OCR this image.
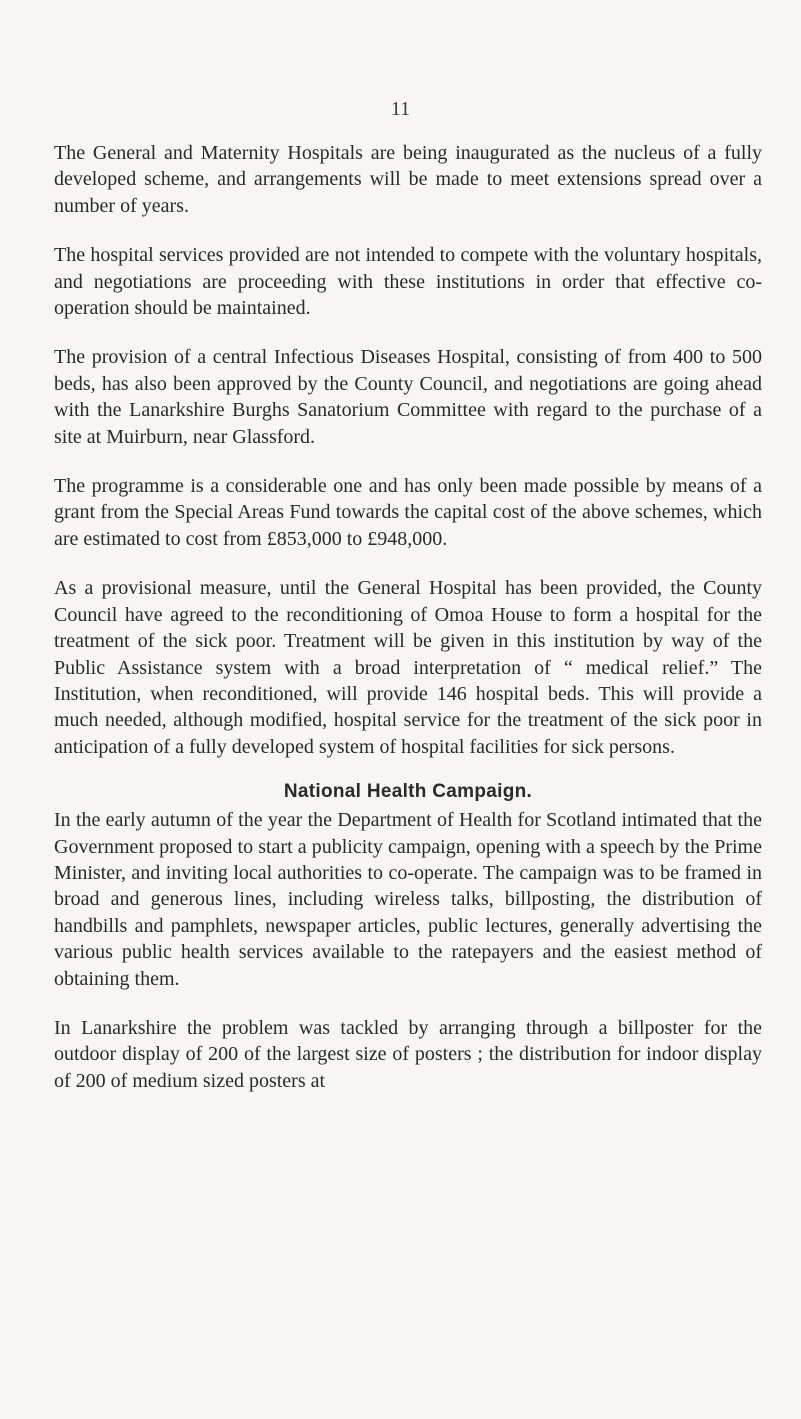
11

The General and Maternity Hospitals are being inaugurated as the nucleus of a fully developed scheme, and arrangements will be made to meet extensions spread over a number of years.

The hospital services provided are not intended to compete with the voluntary hospitals, and negotiations are proceeding with these institutions in order that effective co-operation should be maintained.

The provision of a central Infectious Diseases Hospital, consisting of from 400 to 500 beds, has also been approved by the County Council, and negotiations are going ahead with the Lanarkshire Burghs Sanatorium Committee with regard to the purchase of a site at Muirburn, near Glassford.

The programme is a considerable one and has only been made possible by means of a grant from the Special Areas Fund towards the capital cost of the above schemes, which are estimated to cost from £853,000 to £948,000.

As a provisional measure, until the General Hospital has been provided, the County Council have agreed to the reconditioning of Omoa House to form a hospital for the treatment of the sick poor. Treatment will be given in this institution by way of the Public Assistance system with a broad interpretation of “ medical relief.” The Institution, when reconditioned, will provide 146 hospital beds. This will provide a much needed, although modified, hospital service for the treatment of the sick poor in anticipation of a fully developed system of hospital facilities for sick persons.

National Health Campaign.

In the early autumn of the year the Department of Health for Scotland intimated that the Government proposed to start a publicity campaign, opening with a speech by the Prime Minister, and inviting local authorities to co-operate. The campaign was to be framed in broad and generous lines, including wireless talks, billposting, the distribution of handbills and pamphlets, newspaper articles, public lectures, generally advertising the various public health services available to the ratepayers and the easiest method of obtaining them.

In Lanarkshire the problem was tackled by arranging through a billposter for the outdoor display of 200 of the largest size of posters ; the distribution for indoor display of 200 of medium sized posters at
